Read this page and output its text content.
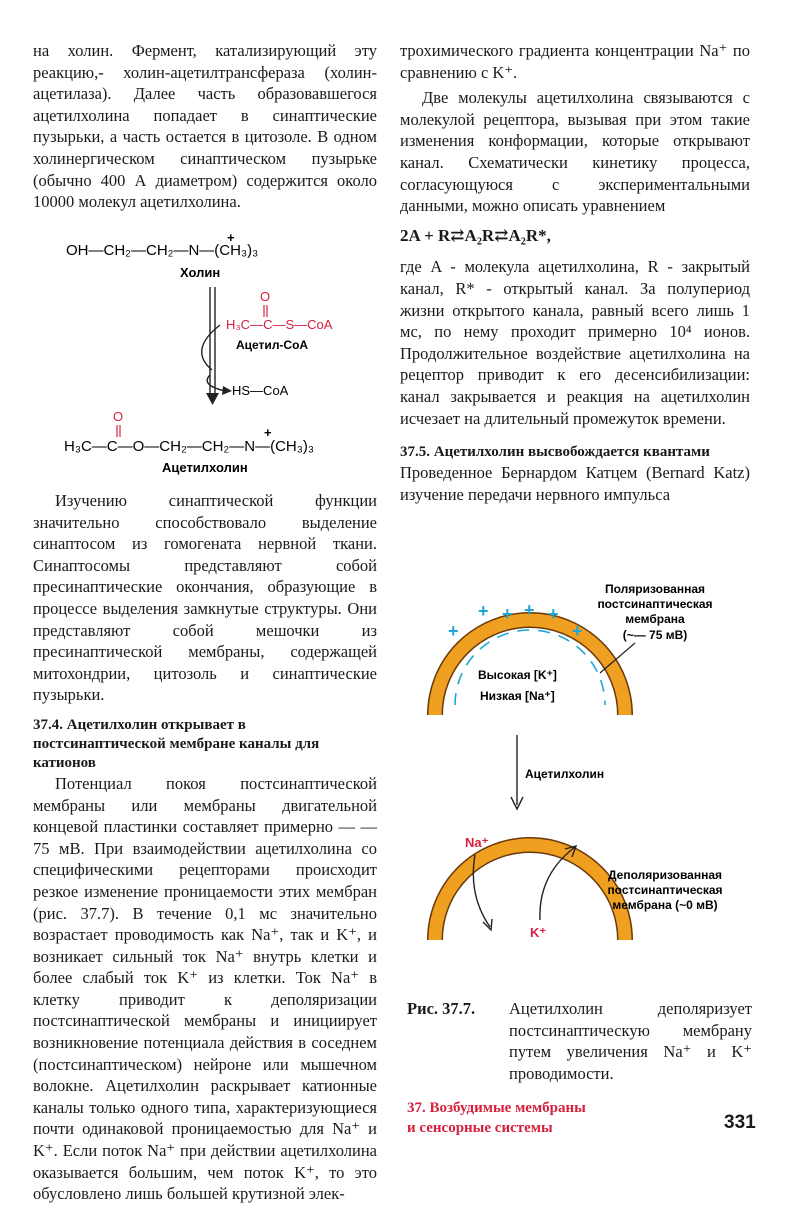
на холин. Фермент, катализирующий эту реакцию,- холин-ацетилтрансфераза (холин-ацетилаза). Далее часть образовавшегося ацетилхолина попадает в синаптические пузырьки, а часть остается в цитозоле. В одном холинергическом синаптическом пузырьке (обычно 400 А диаметром) содержится около 10000 молекул ацетилхолина.

OH—CH₂—CH₂—N—(CH₃)₃
+
Холин
O
H₃C—C—S—CoA
Ацетил-CoA
HS—CoA
O
H₃C—C—O—CH₂—CH₂—N—(CH₃)₃
+
Ацетилхолин

Изучению синаптической функции значительно способствовало выделение синаптосом из гомогената нервной ткани. Синаптосомы представляют собой пресинаптические окончания, образующие в процессе выделения замкнутые структуры. Они представляют собой мешочки из пресинаптической мембраны, содержащей митохондрии, цитозоль и синаптические пузырьки.

37.4. Ацетилхолин открывает в постсинаптической мембране каналы для катионов

Потенциал покоя постсинаптической мембраны или мембраны двигательной концевой пластинки составляет примерно — —75 мВ. При взаимодействии ацетилхолина со специфическими рецепторами происходит резкое изменение проницаемости этих мембран (рис. 37.7). В течение 0,1 мс значительно возрастает проводимость как Na⁺, так и K⁺, и возникает сильный ток Na⁺ внутрь клетки и более слабый ток K⁺ из клетки. Ток Na⁺ в клетку приводит к деполяризации постсинаптической мембраны и инициирует возникновение потенциала действия в соседнем (постсинаптическом) нейроне или мышечном волокне. Ацетилхолин раскрывает катионные каналы только одного типа, характеризующиеся почти одинаковой проницаемостью для Na⁺ и K⁺. Если поток Na⁺ при действии ацетилхолина оказывается большим, чем поток K⁺, то это обусловлено лишь большей крутизной элек-

трохимического градиента концентрации Na⁺ по сравнению с K⁺.

Две молекулы ацетилхолина связываются с молекулой рецептора, вызывая при этом такие изменения конформации, которые открывают канал. Схематически кинетику процесса, согласующуюся с экспериментальными данными, можно описать уравнением

2A + R⇄A₂R⇄A₂R*,

где A - молекула ацетилхолина, R - закрытый канал, R* - открытый канал. За полупериод жизни открытого канала, равный всего лишь 1 мс, по нему проходит примерно 10⁴ ионов. Продолжительное воздействие ацетилхолина на рецептор приводит к его десенсибилизации: канал закрывается и реакция на ацетилхолин исчезает на длительный промежуток времени.

37.5. Ацетилхолин высвобождается квантами

Проведенное Бернардом Катцем (Bernard Katz) изучение передачи нервного импульса

+
+ + + +
+
Поляризованная
постсинаптическая
мембрана
(~— 75 мВ)
Высокая [K⁺]
Низкая [Na⁺]
Ацетилхолин
Na⁺
K⁺
Деполяризованная
постсинаптическая
мембрана (~0 мВ)
Рис. 37.7. Ацетилхолин деполяризует постсинаптическую мембрану путем увеличения Na⁺ и K⁺ проводимости.
37. Возбудимые мембраны
и сенсорные системы	331
